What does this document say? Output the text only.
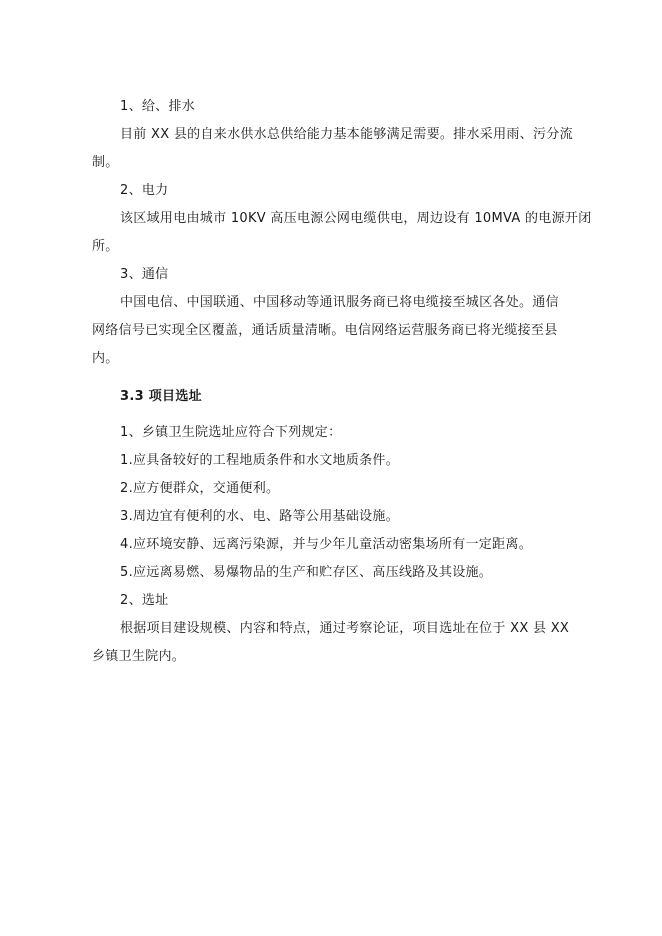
1、给、排水
目前 XX 县的自来水供水总供给能力基本能够满足需要。排水采用雨、污分流
制。
2、电力
该区域用电由城市 10KV 高压电源公网电缆供电，周边设有 10MVA 的电源开闭
所。
3、通信
中国电信、中国联通、中国移动等通讯服务商已将电缆接至城区各处。通信
网络信号已实现全区覆盖，通话质量清晰。电信网络运营服务商已将光缆接至县
内。
3.3 项目选址
1、乡镇卫生院选址应符合下列规定：
1.应具备较好的工程地质条件和水文地质条件。
2.应方便群众，交通便利。
3.周边宜有便利的水、电、路等公用基础设施。
4.应环境安静、远离污染源，并与少年儿童活动密集场所有一定距离。
5.应远离易燃、易爆物品的生产和贮存区、高压线路及其设施。
2、选址
根据项目建设规模、内容和特点，通过考察论证，项目选址在位于 XX 县 XX
乡镇卫生院内。
